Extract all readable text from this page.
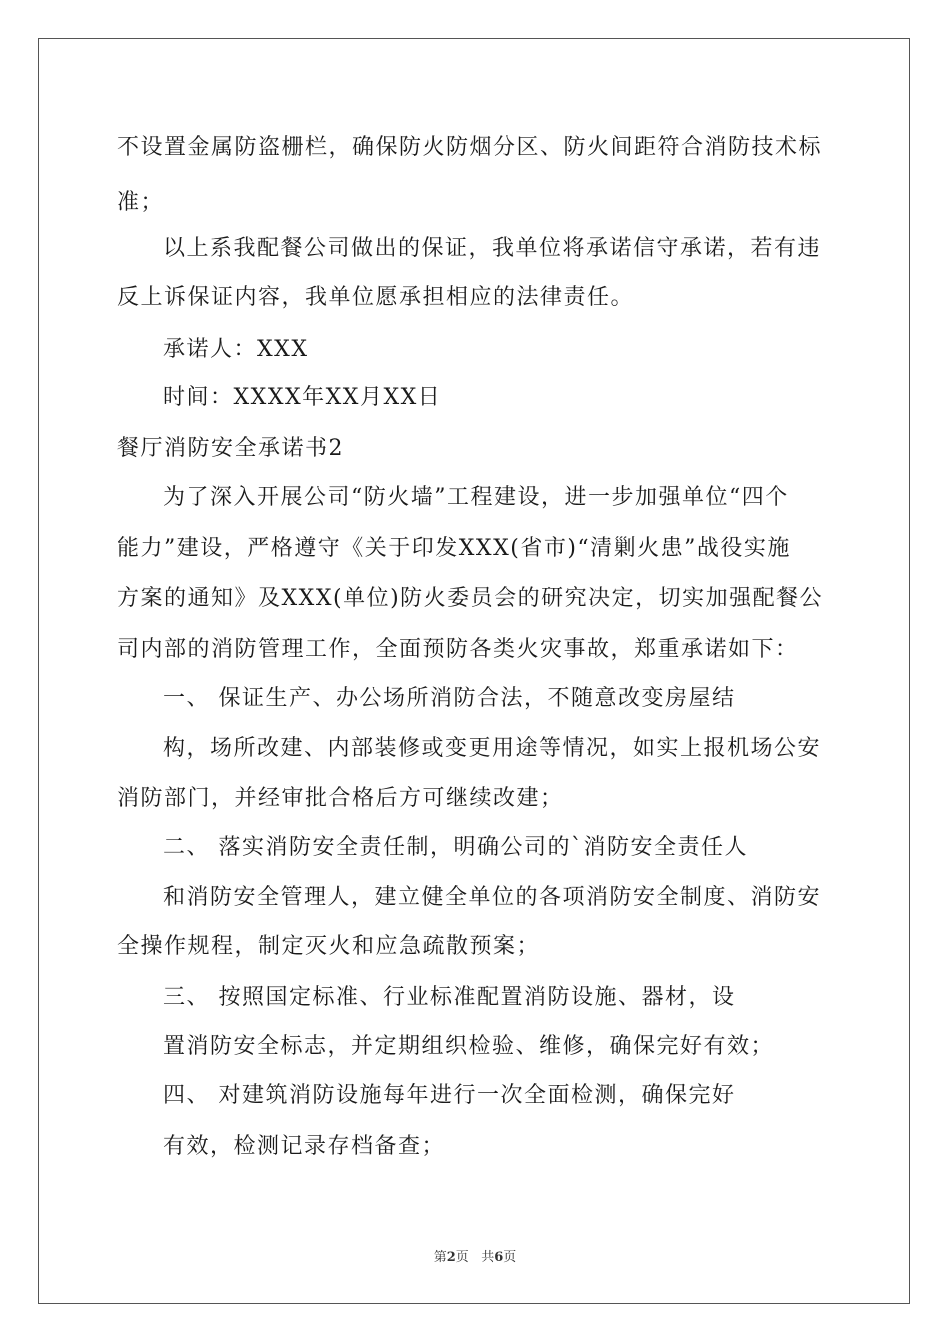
不设置金属防盗栅栏，确保防火防烟分区、防火间距符合消防技术标
准；
以上系我配餐公司做出的保证，我单位将承诺信守承诺，若有违
反上诉保证内容，我单位愿承担相应的法律责任。
承诺人：XXX
时间：XXXX年XX月XX日
餐厅消防安全承诺书2
为了深入开展公司“防火墙”工程建设，进一步加强单位“四个
能力”建设，严格遵守《关于印发XXX(省市)“清剿火患”战役实施
方案的通知》及XXX(单位)防火委员会的研究决定，切实加强配餐公
司内部的消防管理工作，全面预防各类火灾事故，郑重承诺如下：
一、 保证生产、办公场所消防合法，不随意改变房屋结
构，场所改建、内部装修或变更用途等情况，如实上报机场公安
消防部门，并经审批合格后方可继续改建；
二、 落实消防安全责任制，明确公司的`消防安全责任人
和消防安全管理人，建立健全单位的各项消防安全制度、消防安
全操作规程，制定灭火和应急疏散预案；
三、 按照国定标准、行业标准配置消防设施、器材，设
置消防安全标志，并定期组织检验、维修，确保完好有效；
四、 对建筑消防设施每年进行一次全面检测，确保完好
有效，检测记录存档备查；
第2页   共6页
